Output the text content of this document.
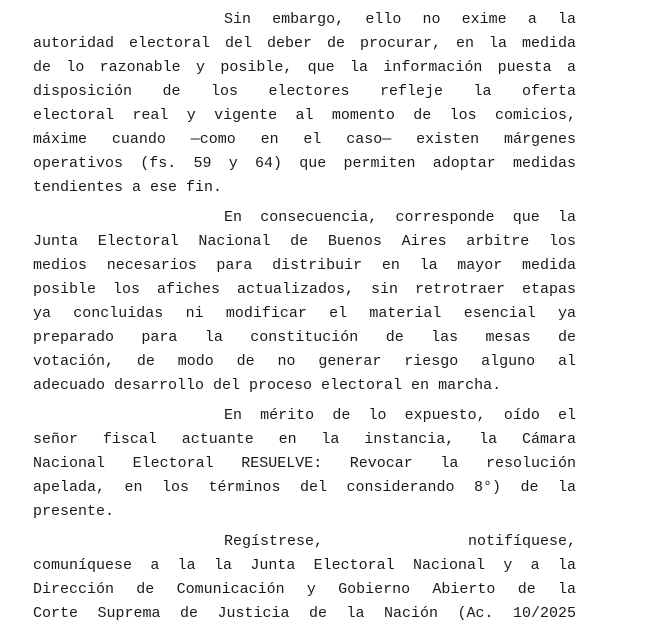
Sin embargo, ello no exime a la
autoridad electoral del deber de procurar, en la medida
de lo razonable y posible, que la información puesta a
disposición de los electores refleje la oferta
electoral real y vigente al momento de los comicios,
máxime cuando —como en el caso— existen márgenes
operativos (fs. 59 y 64) que permiten adoptar medidas
tendientes a ese fin.
En consecuencia, corresponde que la
Junta Electoral Nacional de Buenos Aires arbitre los
medios necesarios para distribuir en la mayor medida
posible los afiches actualizados, sin retrotraer etapas
ya concluidas ni modificar el material esencial ya
preparado para la constitución de las mesas de
votación, de modo de no generar riesgo alguno al
adecuado desarrollo del proceso electoral en marcha.
En mérito de lo expuesto, oído el
señor fiscal actuante en la instancia, la Cámara
Nacional Electoral RESUELVE: Revocar la resolución
apelada, en los términos del considerando 8°) de la
presente.
Regístrese, notifíquese,
comuníquese a la la Junta Electoral Nacional y a la
Dirección de Comunicación y Gobierno Abierto de la
Corte Suprema de Justicia de la Nación (Ac. 10/2025
